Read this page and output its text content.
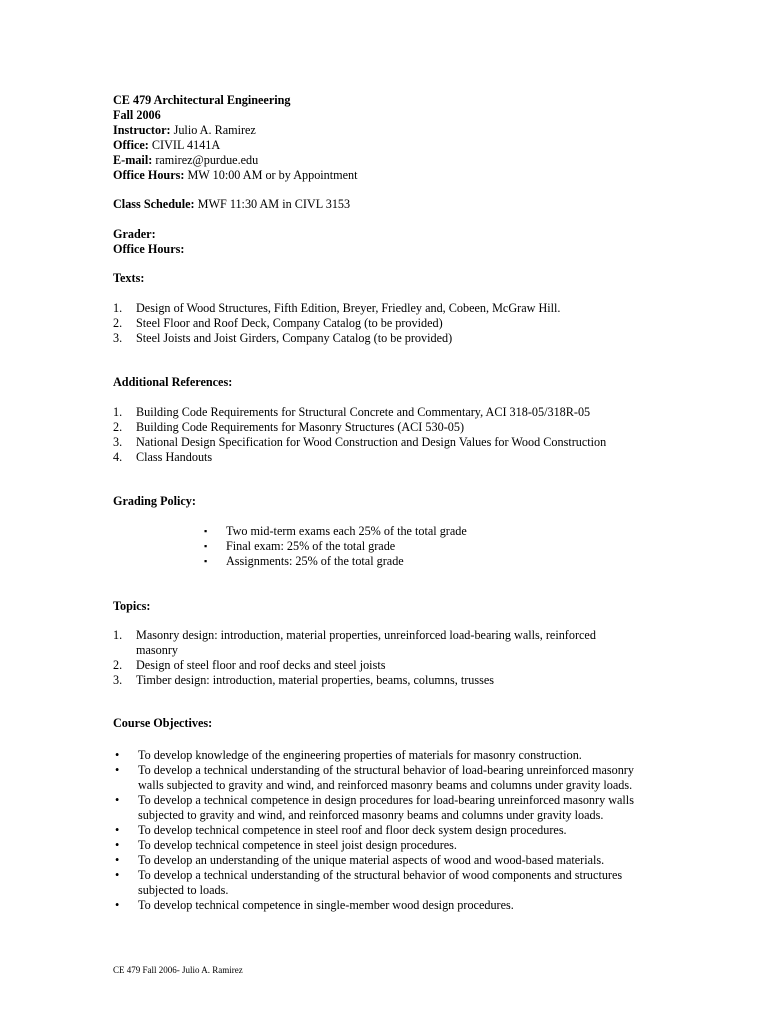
CE 479 Architectural Engineering
Fall 2006
Instructor: Julio A. Ramirez
Office: CIVIL 4141A
E-mail: ramirez@purdue.edu
Office Hours: MW 10:00 AM or by Appointment
Class Schedule: MWF 11:30 AM in CIVL 3153
Grader:
Office Hours:
Texts:
1.	Design of Wood Structures, Fifth Edition, Breyer, Friedley and, Cobeen, McGraw Hill.
2.	Steel Floor and Roof Deck, Company Catalog (to be provided)
3.	Steel Joists and Joist Girders, Company Catalog (to be provided)
Additional References:
1.	Building Code Requirements for Structural Concrete and Commentary, ACI 318-05/318R-05
2.	Building Code Requirements for Masonry Structures (ACI 530-05)
3.	National Design Specification for Wood Construction and Design Values for Wood Construction
4.	Class Handouts
Grading Policy:
▪ Two mid-term exams each 25% of the total grade
▪ Final exam: 25% of the total grade
▪ Assignments: 25% of the total grade
Topics:
1.	Masonry design: introduction, material properties, unreinforced load-bearing walls, reinforced
masonry
2.	Design of steel floor and roof decks and steel joists
3.	Timber design: introduction, material properties, beams, columns, trusses
Course Objectives:
• To develop knowledge of the engineering properties of materials for masonry construction.
• To develop a technical understanding of the structural behavior of load-bearing unreinforced masonry
walls subjected to gravity and wind, and reinforced masonry beams and columns under gravity loads.
• To develop a technical competence in design procedures for load-bearing unreinforced masonry walls
subjected to gravity and wind, and reinforced masonry beams and columns under gravity loads.
• To develop technical competence in steel roof and floor deck system design procedures.
• To develop technical competence in steel joist design procedures.
• To develop an understanding of the unique material aspects of wood and wood-based materials.
• To develop a technical understanding of the structural behavior of wood components and structures
subjected to loads.
• To develop technical competence in single-member wood design procedures.
CE 479 Fall 2006- Julio A. Ramirez
